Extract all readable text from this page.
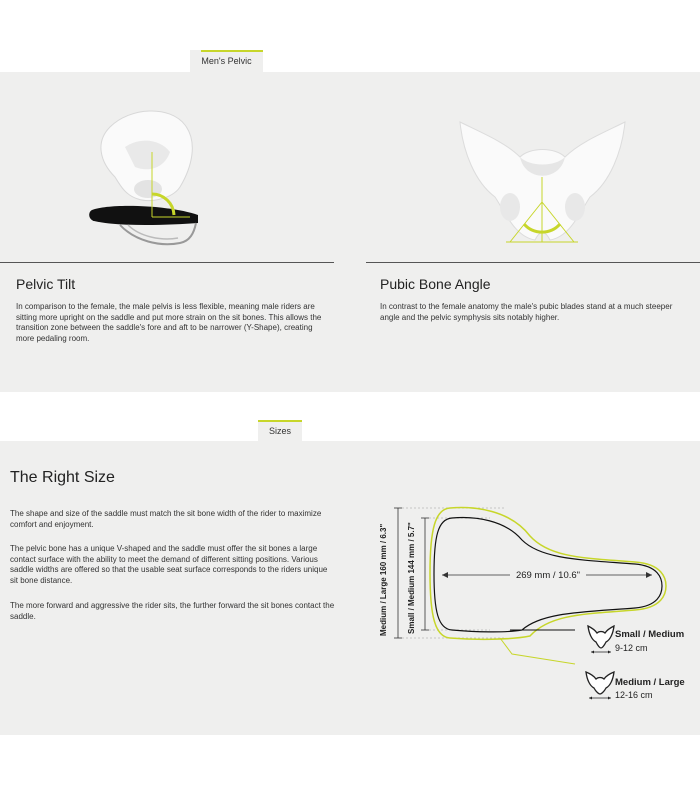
Men's Pelvic
Pelvic Tilt

In comparison to the female, the male pelvis is less flexible, meaning male riders are sitting more upright on the saddle and put more strain on the sit bones. This allows the transition zone between the saddle's fore and aft to be narrower (Y-Shape), creating more pedaling room.

Pubic Bone Angle

In contrast to the female anatomy the male's pubic blades stand at a much steeper angle and the pelvic symphysis sits notably higher.

Sizes
The Right Size

The shape and size of the saddle must match the sit bone width of the rider to maximize comfort and enjoyment.

The pelvic bone has a unique V-shaped and the saddle must offer the sit bones a large contact surface with the ability to meet the demand of different sitting positions. Various saddle widths are offered so that the usable seat surface corresponds to the riders unique sit bone distance.

The more forward and aggressive the rider sits, the further forward the sit bones contact the saddle.	Medium / Large 160 mm / 6.3" Small / Medium 144 mm / 5.7"	269 mm / 10.6"
Small / Medium
9-12 cm
Medium / Large
12-16 cm
